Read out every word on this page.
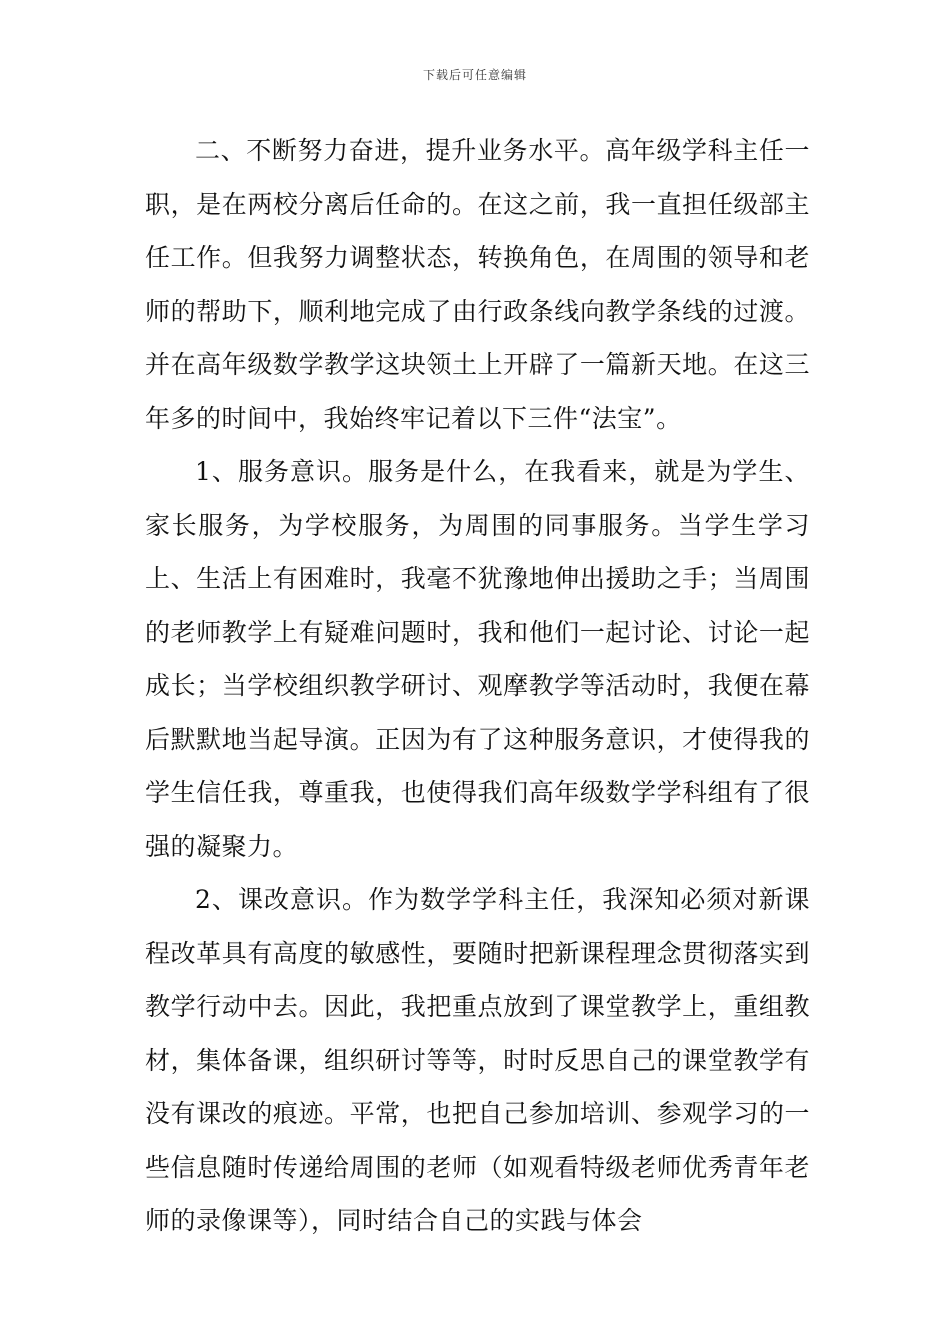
下载后可任意编辑

二、不断努力奋进，提升业务水平。高年级学科主任一职，是在两校分离后任命的。在这之前，我一直担任级部主任工作。但我努力调整状态，转换角色，在周围的领导和老师的帮助下，顺利地完成了由行政条线向教学条线的过渡。并在高年级数学教学这块领土上开辟了一篇新天地。在这三年多的时间中，我始终牢记着以下三件“法宝”。

1、服务意识。服务是什么，在我看来，就是为学生、家长服务，为学校服务，为周围的同事服务。当学生学习上、生活上有困难时，我毫不犹豫地伸出援助之手；当周围的老师教学上有疑难问题时，我和他们一起讨论、讨论一起成长；当学校组织教学研讨、观摩教学等活动时，我便在幕后默默地当起导演。正因为有了这种服务意识，才使得我的学生信任我，尊重我，也使得我们高年级数学学科组有了很强的凝聚力。

2、课改意识。作为数学学科主任，我深知必须对新课程改革具有高度的敏感性，要随时把新课程理念贯彻落实到教学行动中去。因此，我把重点放到了课堂教学上，重组教材，集体备课，组织研讨等等，时时反思自己的课堂教学有没有课改的痕迹。平常，也把自己参加培训、参观学习的一些信息随时传递给周围的老师（如观看特级老师优秀青年老师的录像课等），同时结合自己的实践与体会
